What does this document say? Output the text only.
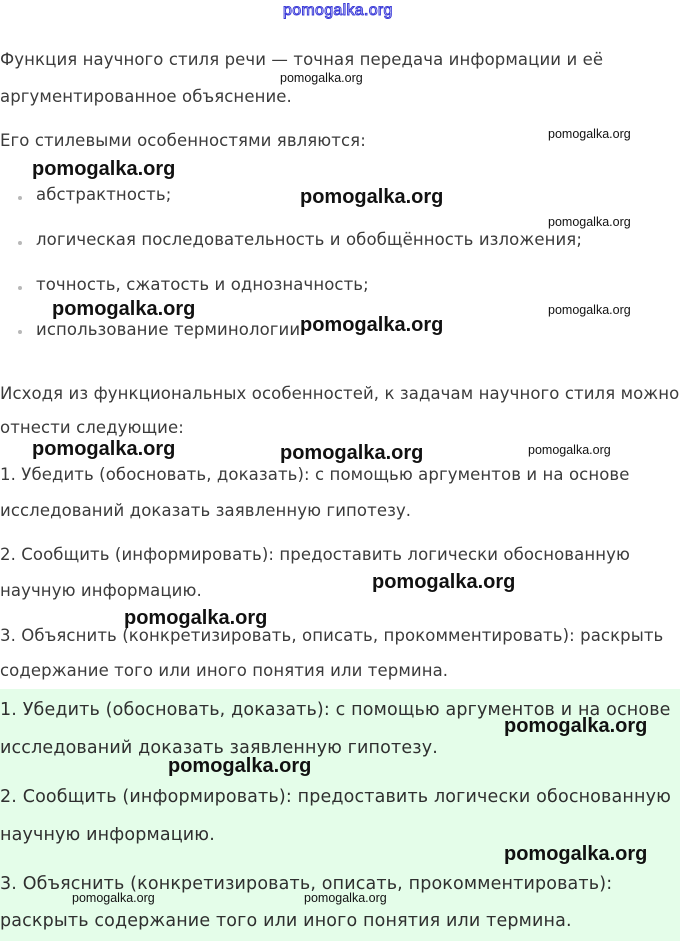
pomogalka.org
Функция научного стиля речи — точная передача информации и её
аргументированное объяснение.
Его стилевыми особенностями являются:
абстрактность;
логическая последовательность и обобщённость изложения;
точность, сжатость и однозначность;
использование терминологии.
Исходя из функциональных особенностей, к задачам научного стиля можно
отнести следующие:
1. Убедить (обосновать, доказать): с помощью аргументов и на основе
исследований доказать заявленную гипотезу.
2. Сообщить (информировать): предоставить логически обоснованную
научную информацию.
3. Объяснить (конкретизировать, описать, прокомментировать): раскрыть
содержание того или иного понятия или термина.
1. Убедить (обосновать, доказать): с помощью аргументов и на основе
исследований доказать заявленную гипотезу.
2. Сообщить (информировать): предоставить логически обоснованную
научную информацию.
3. Объяснить (конкретизировать, описать, прокомментировать):
раскрыть содержание того или иного понятия или термина.
pomogalka.org
pomogalka.org
pomogalka.org
pomogalka.org
pomogalka.org	pomogalka.org
pomogalka.org
pomogalka.org
pomogalka.org
pomogalka.org
pomogalka.org
pomogalka.org
pomogalka.org
pomogalka.org
pomogalka.org
pomogalka.org
pomogalka.org	pomogalka.org
